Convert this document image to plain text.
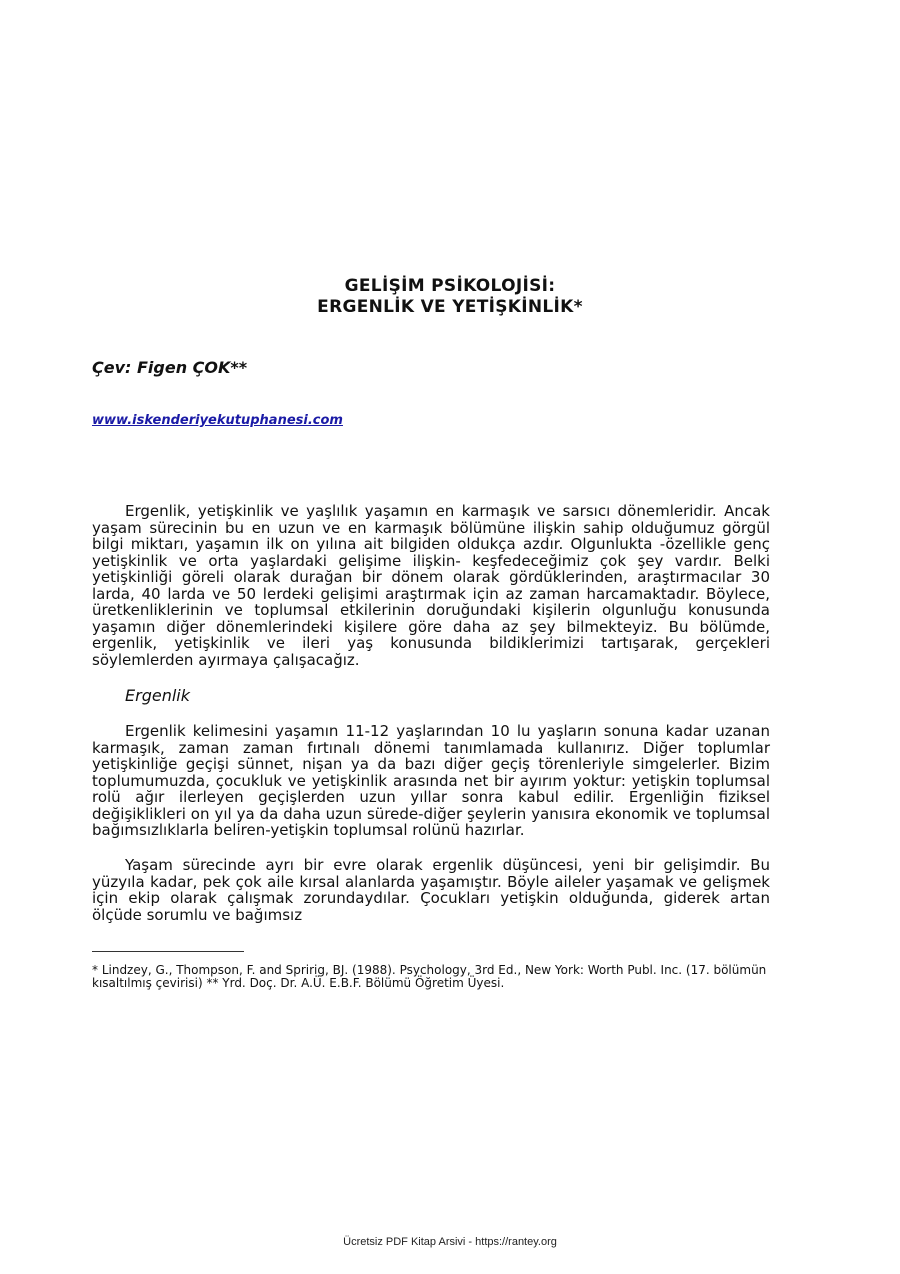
GELİŞİM PSİKOLOJİSİ:
ERGENLİK VE YETİŞKİNLİK*
Çev: Figen ÇOK**
www.iskenderiyekutuphanesi.com
Ergenlik, yetişkinlik ve yaşlılık yaşamın en karmaşık ve sarsıcı dönemleridir. Ancak yaşam sürecinin bu en uzun ve en karmaşık bölümüne ilişkin sahip olduğumuz görgül bilgi miktarı, yaşamın ilk on yılına ait bilgiden oldukça azdır. Olgunlukta -özellikle genç yetişkinlik ve orta yaşlardaki gelişime ilişkin- keşfedeceğimiz çok şey vardır. Belki yetişkinliği göreli olarak durağan bir dönem olarak gördüklerinden, araştırmacılar 30 larda, 40 larda ve 50 lerdeki gelişimi araştırmak için az zaman harcamaktadır. Böylece, üretkenliklerinin ve toplumsal etkilerinin doruğundaki kişilerin olgunluğu konusunda yaşamın diğer dönemlerindeki kişilere göre daha az şey bilmekteyiz. Bu bölümde, ergenlik, yetişkinlik ve ileri yaş konusunda bildiklerimizi tartışarak, gerçekleri söylemlerden ayırmaya çalışacağız.
Ergenlik
Ergenlik kelimesini yaşamın 11-12 yaşlarından 10 lu yaşların sonuna kadar uzanan karmaşık, zaman zaman fırtınalı dönemi tanımlamada kullanırız. Diğer toplumlar yetişkinliğe geçişi sünnet, nişan ya da bazı diğer geçiş törenleriyle simgelerler. Bizim toplumumuzda, çocukluk ve yetişkinlik arasında net bir ayırım yoktur: yetişkin toplumsal rolü ağır ilerleyen geçişlerden uzun yıllar sonra kabul edilir. Ergenliğin fiziksel değişiklikleri on yıl ya da daha uzun sürede-diğer şeylerin yanısıra ekonomik ve toplumsal bağımsızlıklarla beliren-yetişkin toplumsal rolünü hazırlar.
Yaşam sürecinde ayrı bir evre olarak ergenlik düşüncesi, yeni bir gelişimdir. Bu yüzyıla kadar, pek çok aile kırsal alanlarda yaşamıştır. Böyle aileler yaşamak ve gelişmek için ekip olarak çalışmak zorundaydılar. Çocukları yetişkin olduğunda, giderek artan ölçüde sorumlu ve bağımsız
* Lindzey, G., Thompson, F. and Spririg, BJ. (1988). Psychology, 3rd Ed., New York: Worth Publ. Inc. (17. bölümün kısaltılmış çevirisi) ** Yrd. Doç. Dr. A.Ü. E.B.F. Bölümü Öğretim Üyesi.
Ücretsiz PDF Kitap Arsivi - https://rantey.org
